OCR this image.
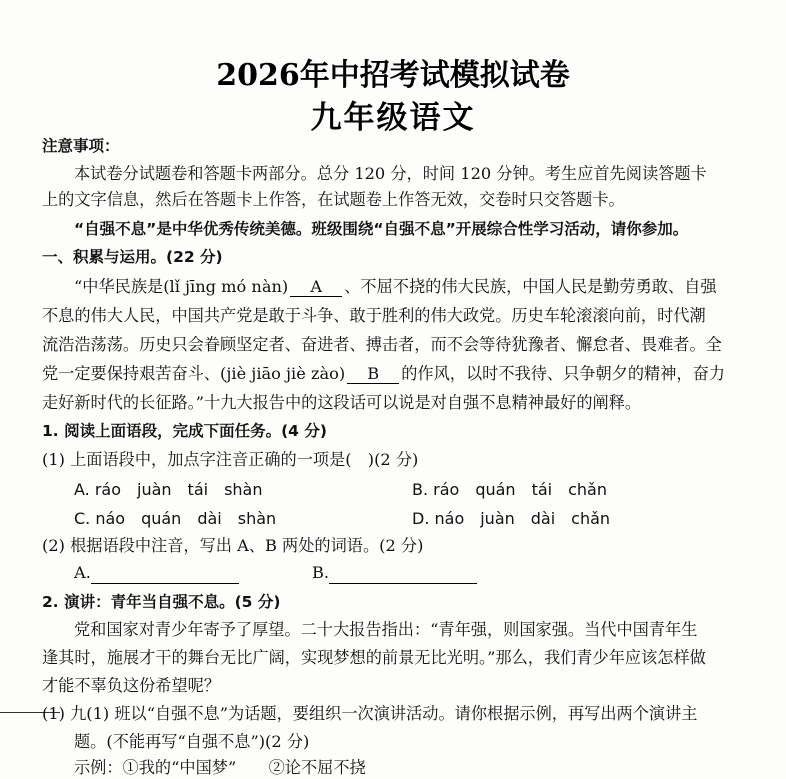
2026年中招考试模拟试卷
九年级语文
注意事项：
本试卷分试题卷和答题卡两部分。总分 120 分，时间 120 分钟。考生应首先阅读答题卡
上的文字信息，然后在答题卡上作答，在试题卷上作答无效，交卷时只交答题卡。
“自强不息”是中华优秀传统美德。班级围绕“自强不息”开展综合性学习活动，请你参加。
一、积累与运用。(22 分)
“中华民族是(lǐ jīng mó nàn) A 、不屈不挠的伟大民族，中国人民是勤劳勇敢、自强
不息的伟大人民，中国共产党是敢于斗争、敢于胜利的伟大政党。历史车轮滚滚向前，时代潮
流浩浩荡荡。历史只会眷顾坚定者、奋进者、搏击者，而不会等待犹豫者、懈怠者、畏难者。全
党一定要保持艰苦奋斗、(jiè jiāo jiè zào) B 的作风，以时不我待、只争朝夕的精神，奋力
走好新时代的长征路。”十九大报告中的这段话可以说是对自强不息精神最好的阐释。
1. 阅读上面语段，完成下面任务。(4 分)
(1) 上面语段中，加点字注音正确的一项是(　)(2 分)
A. ráo　juàn　tái　shàn	B. ráo　quán　tái　chǎn
C. náo　quán　dài　shàn	D. náo　juàn　dài　chǎn
(2) 根据语段中注音，写出 A、B 两处的词语。(2 分)
A.	B.
2. 演讲：青年当自强不息。(5 分)
党和国家对青少年寄予了厚望。二十大报告指出：“青年强，则国家强。当代中国青年生
逢其时，施展才干的舞台无比广阔，实现梦想的前景无比光明。”那么，我们青少年应该怎样做
才能不辜负这份希望呢？
(1) 九(1) 班以“自强不息”为话题，要组织一次演讲活动。请你根据示例，再写出两个演讲主
题。(不能再写“自强不息”)(2 分)
示例：①我的“中国梦”　　②论不屈不挠
